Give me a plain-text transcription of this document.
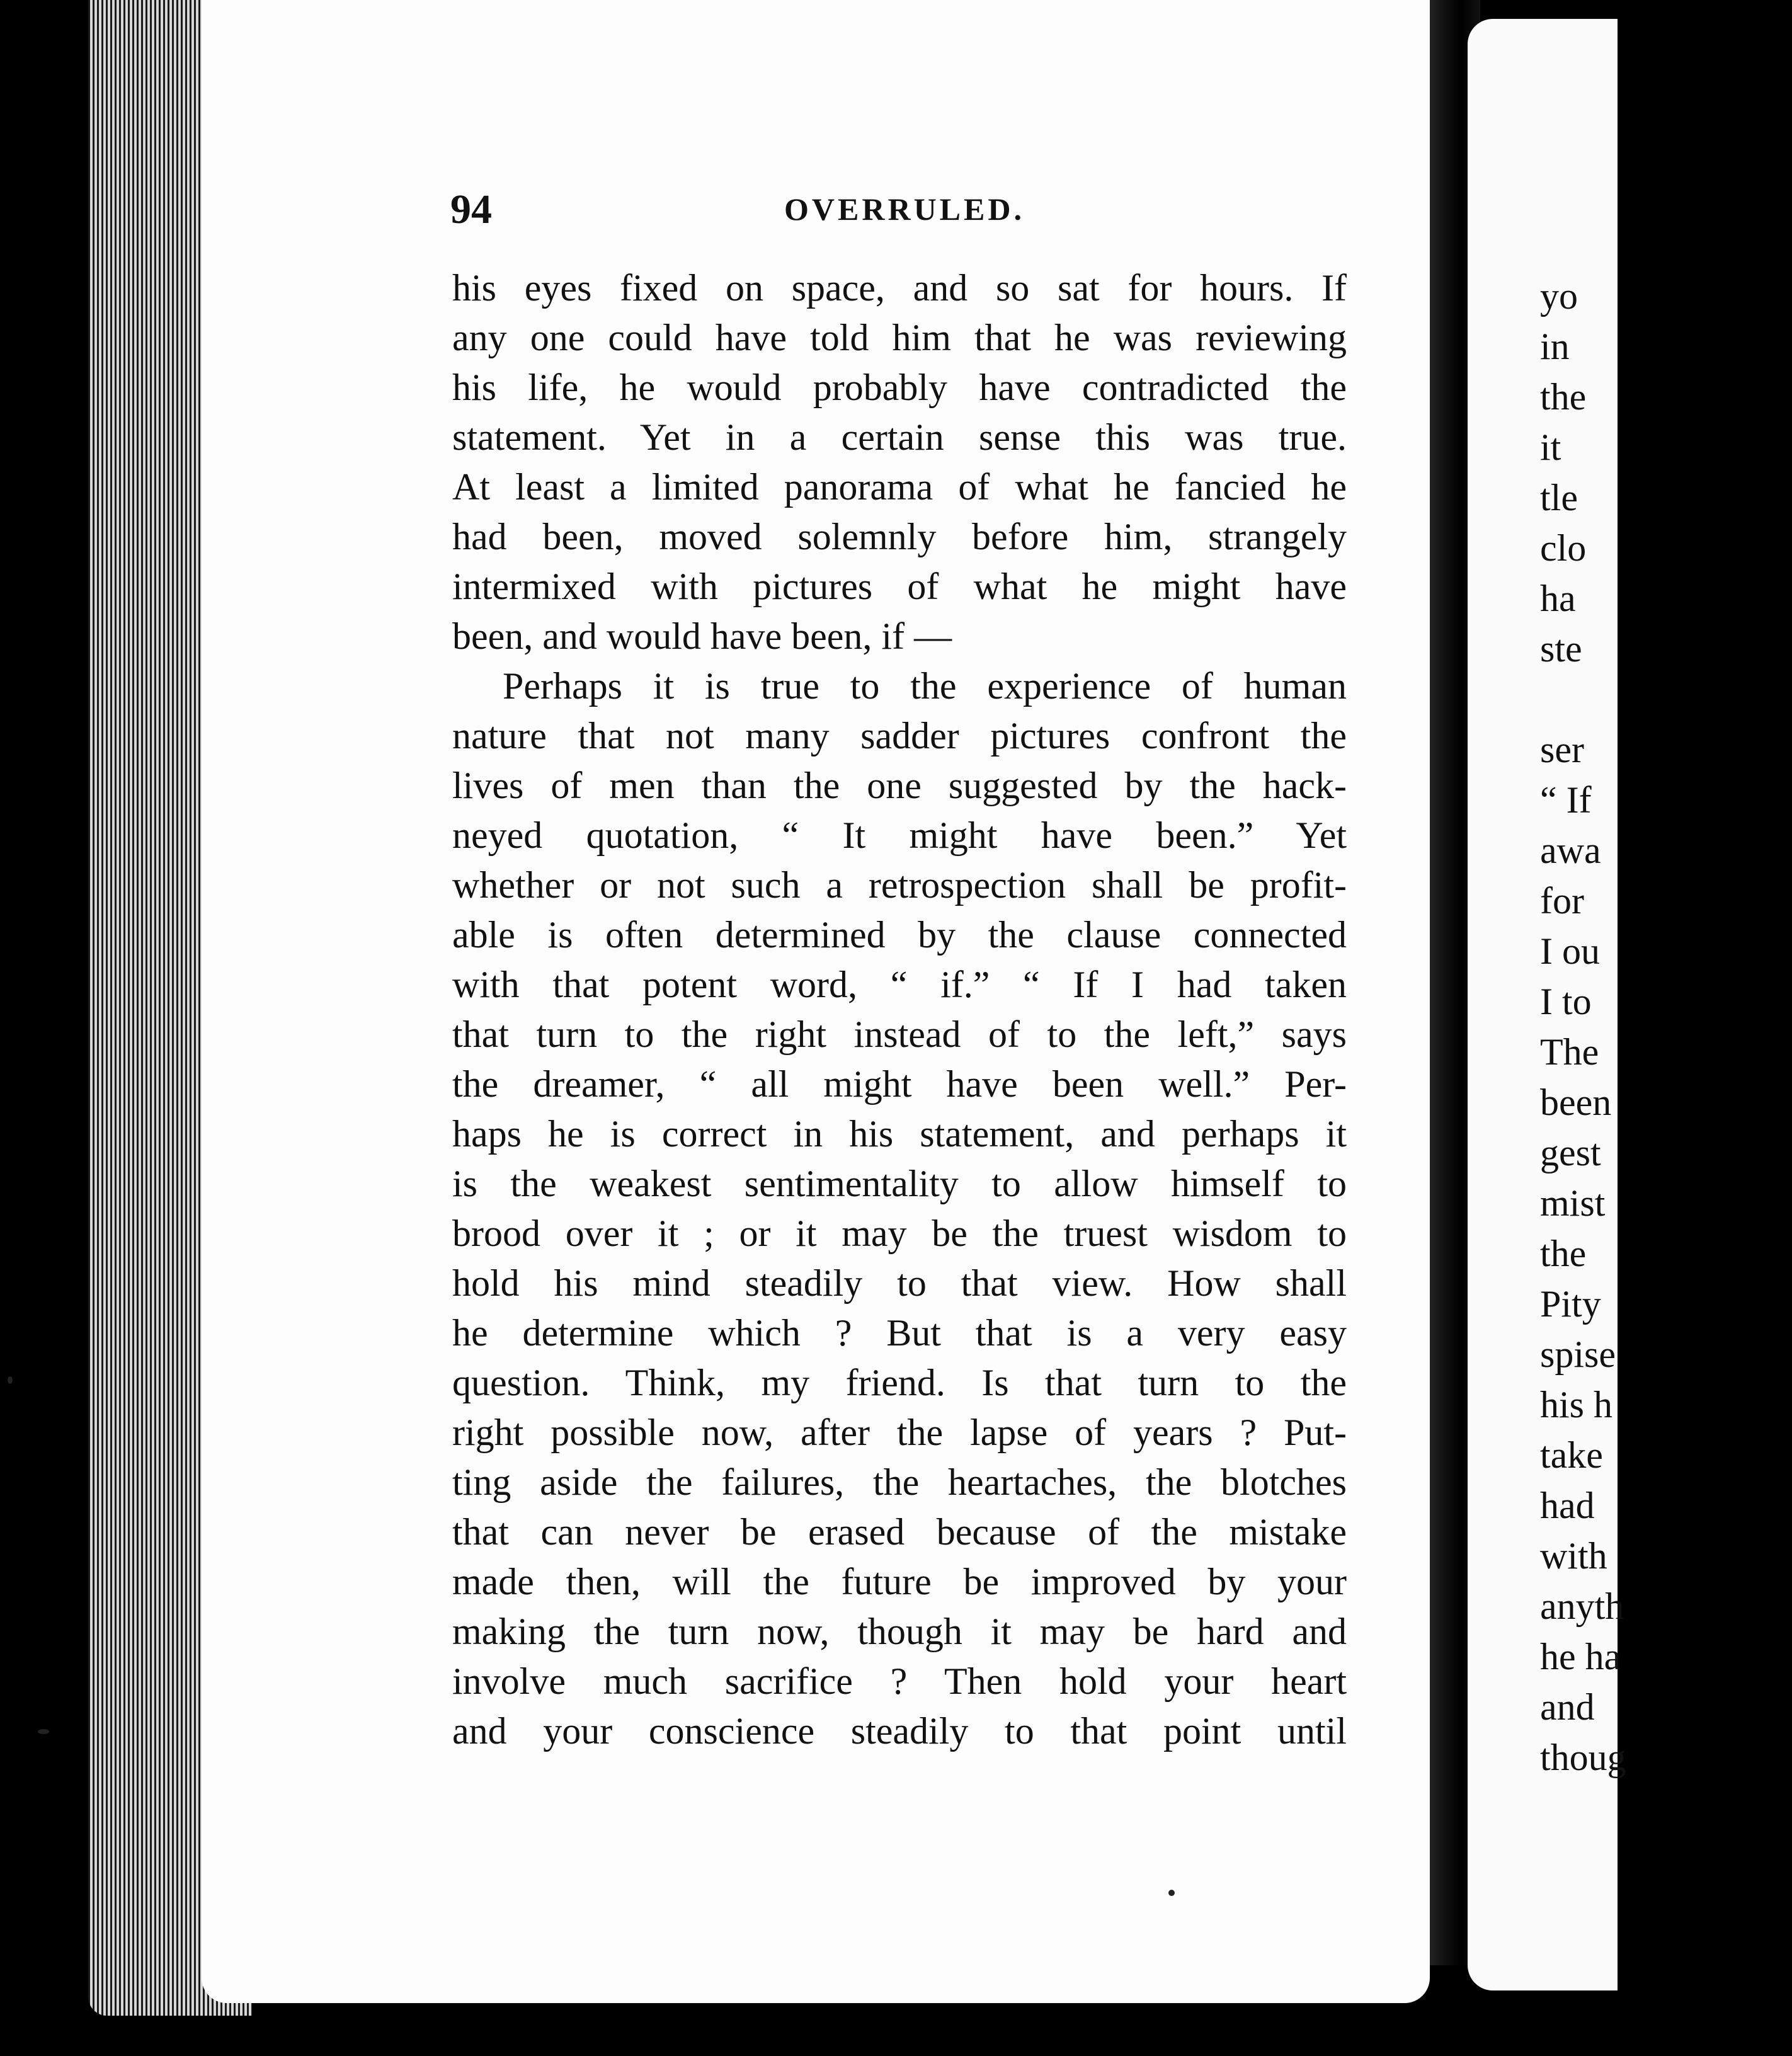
94	OVERRULED.
his eyes fixed on space, and so sat for hours. If
any one could have told him that he was reviewing
his life, he would probably have contradicted the
statement. Yet in a certain sense this was true.
At least a limited panorama of what he fancied he
had been, moved solemnly before him, strangely
intermixed with pictures of what he might have
been, and would have been, if —
Perhaps it is true to the experience of human
nature that not many sadder pictures confront the
lives of men than the one suggested by the hack-
neyed quotation, “ It might have been.” Yet
whether or not such a retrospection shall be profit-
able is often determined by the clause connected
with that potent word, “ if.” “ If I had taken
that turn to the right instead of to the left,” says
the dreamer, “ all might have been well.” Per-
haps he is correct in his statement, and perhaps it
is the weakest sentimentality to allow himself to
brood over it ; or it may be the truest wisdom to
hold his mind steadily to that view. How shall
he determine which ? But that is a very easy
question. Think, my friend. Is that turn to the
right possible now, after the lapse of years ? Put-
ting aside the failures, the heartaches, the blotches
that can never be erased because of the mistake
made then, will the future be improved by your
making the turn now, though it may be hard and
involve much sacrifice ? Then hold your heart
and your conscience steadily to that point until
yo
in
the
it
tle
clo
ha
ste
ser
“ If
awa
for
I ou
I to
The
been
gest
mist
the
Pity
spise
his h
take
had
with
anyth
he ha
and
thoug
